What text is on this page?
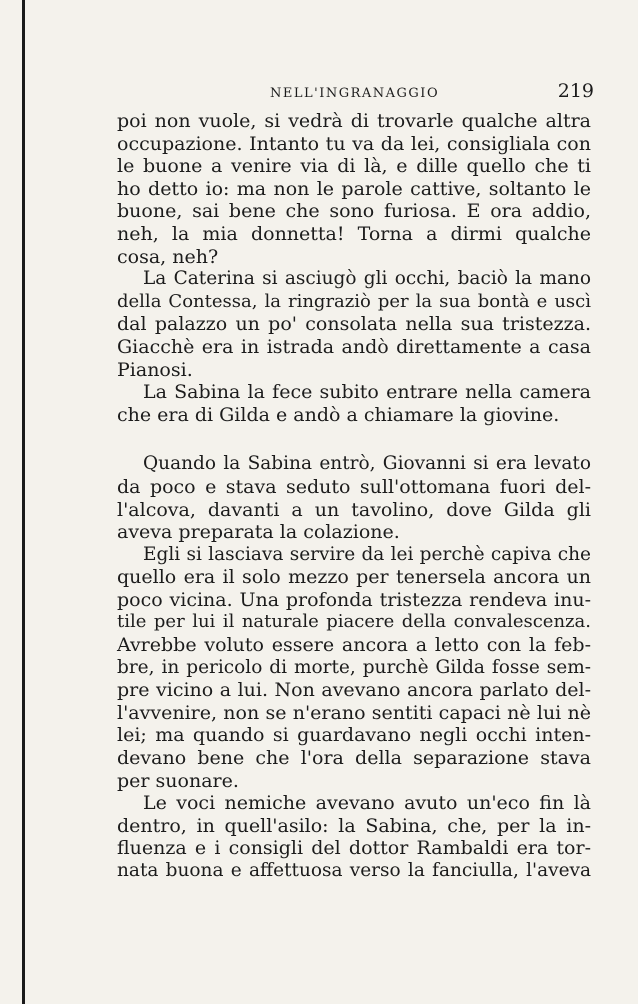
NELL'INGRANAGGIO	219
poi non vuole, si vedrà di trovarle qualche altra
occupazione. Intanto tu va da lei, consigliala con
le buone a venire via di là, e dille quello che ti
ho detto io: ma non le parole cattive, soltanto le
buone, sai bene che sono furiosa. E ora addio,
neh, la mia donnetta! Torna a dirmi qualche
cosa, neh?
La Caterina si asciugò gli occhi, baciò la mano
della Contessa, la ringraziò per la sua bontà e uscì
dal palazzo un po' consolata nella sua tristezza.
Giacchè era in istrada andò direttamente a casa
Pianosi.
La Sabina la fece subito entrare nella camera
che era di Gilda e andò a chiamare la giovine.
Quando la Sabina entrò, Giovanni si era levato
da poco e stava seduto sull'ottomana fuori del-
l'alcova, davanti a un tavolino, dove Gilda gli
aveva preparata la colazione.
Egli si lasciava servire da lei perchè capiva che
quello era il solo mezzo per tenersela ancora un
poco vicina. Una profonda tristezza rendeva inu-
tile per lui il naturale piacere della convalescenza.
Avrebbe voluto essere ancora a letto con la feb-
bre, in pericolo di morte, purchè Gilda fosse sem-
pre vicino a lui. Non avevano ancora parlato del-
l'avvenire, non se n'erano sentiti capaci nè lui nè
lei; ma quando si guardavano negli occhi inten-
devano bene che l'ora della separazione stava
per suonare.
Le voci nemiche avevano avuto un'eco fin là
dentro, in quell'asilo: la Sabina, che, per la in-
fluenza e i consigli del dottor Rambaldi era tor-
nata buona e affettuosa verso la fanciulla, l'aveva
